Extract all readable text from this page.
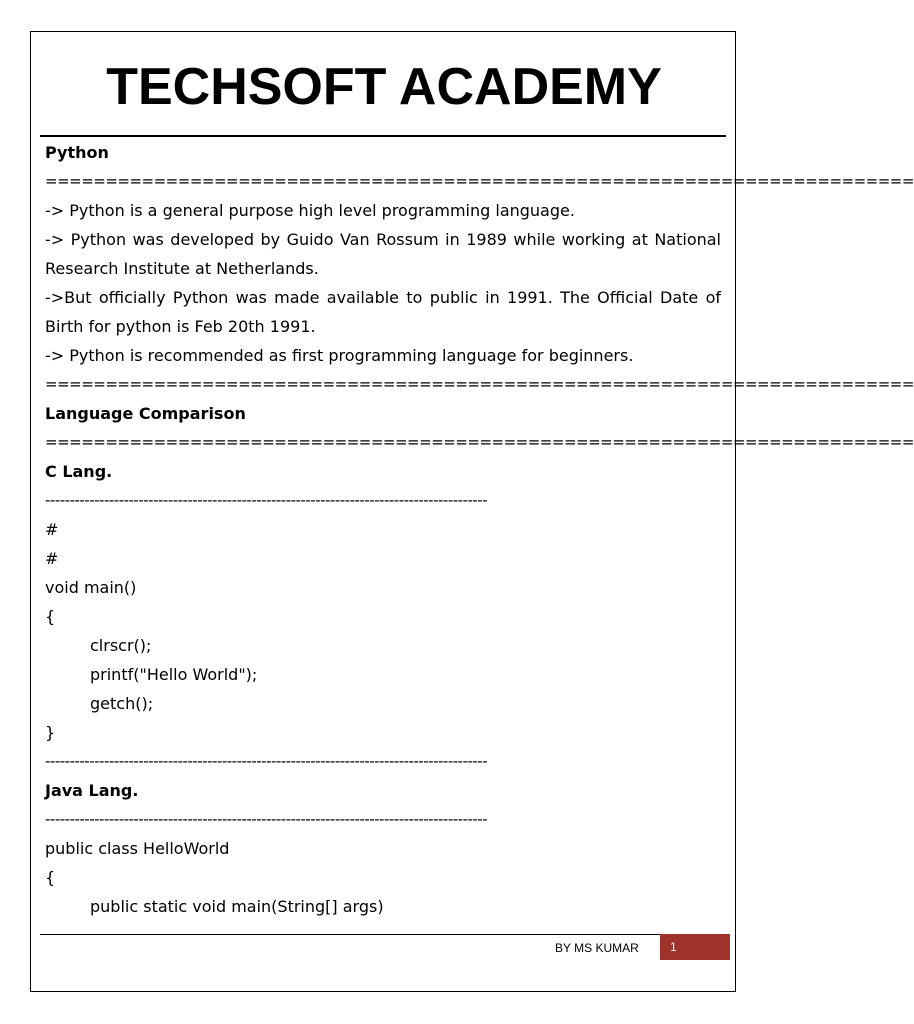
TECHSOFT ACADEMY
Python
========================================================================
-> Python is a general purpose high level programming language.
-> Python was developed by Guido Van Rossum in 1989 while working at National
Research Institute at Netherlands.
->But officially Python was made available to public in 1991. The Official Date of
Birth for python is Feb 20th 1991.
-> Python is recommended as first programming language for beginners.
========================================================================
Language Comparison
========================================================================
C Lang.
------------------------------------------------------------------------------------------
#
#
void main()
{
clrscr();
printf("Hello World");
getch();
}
------------------------------------------------------------------------------------------
Java Lang.
------------------------------------------------------------------------------------------
public class HelloWorld
{
public static void main(String[] args)
BY MS KUMAR	1
